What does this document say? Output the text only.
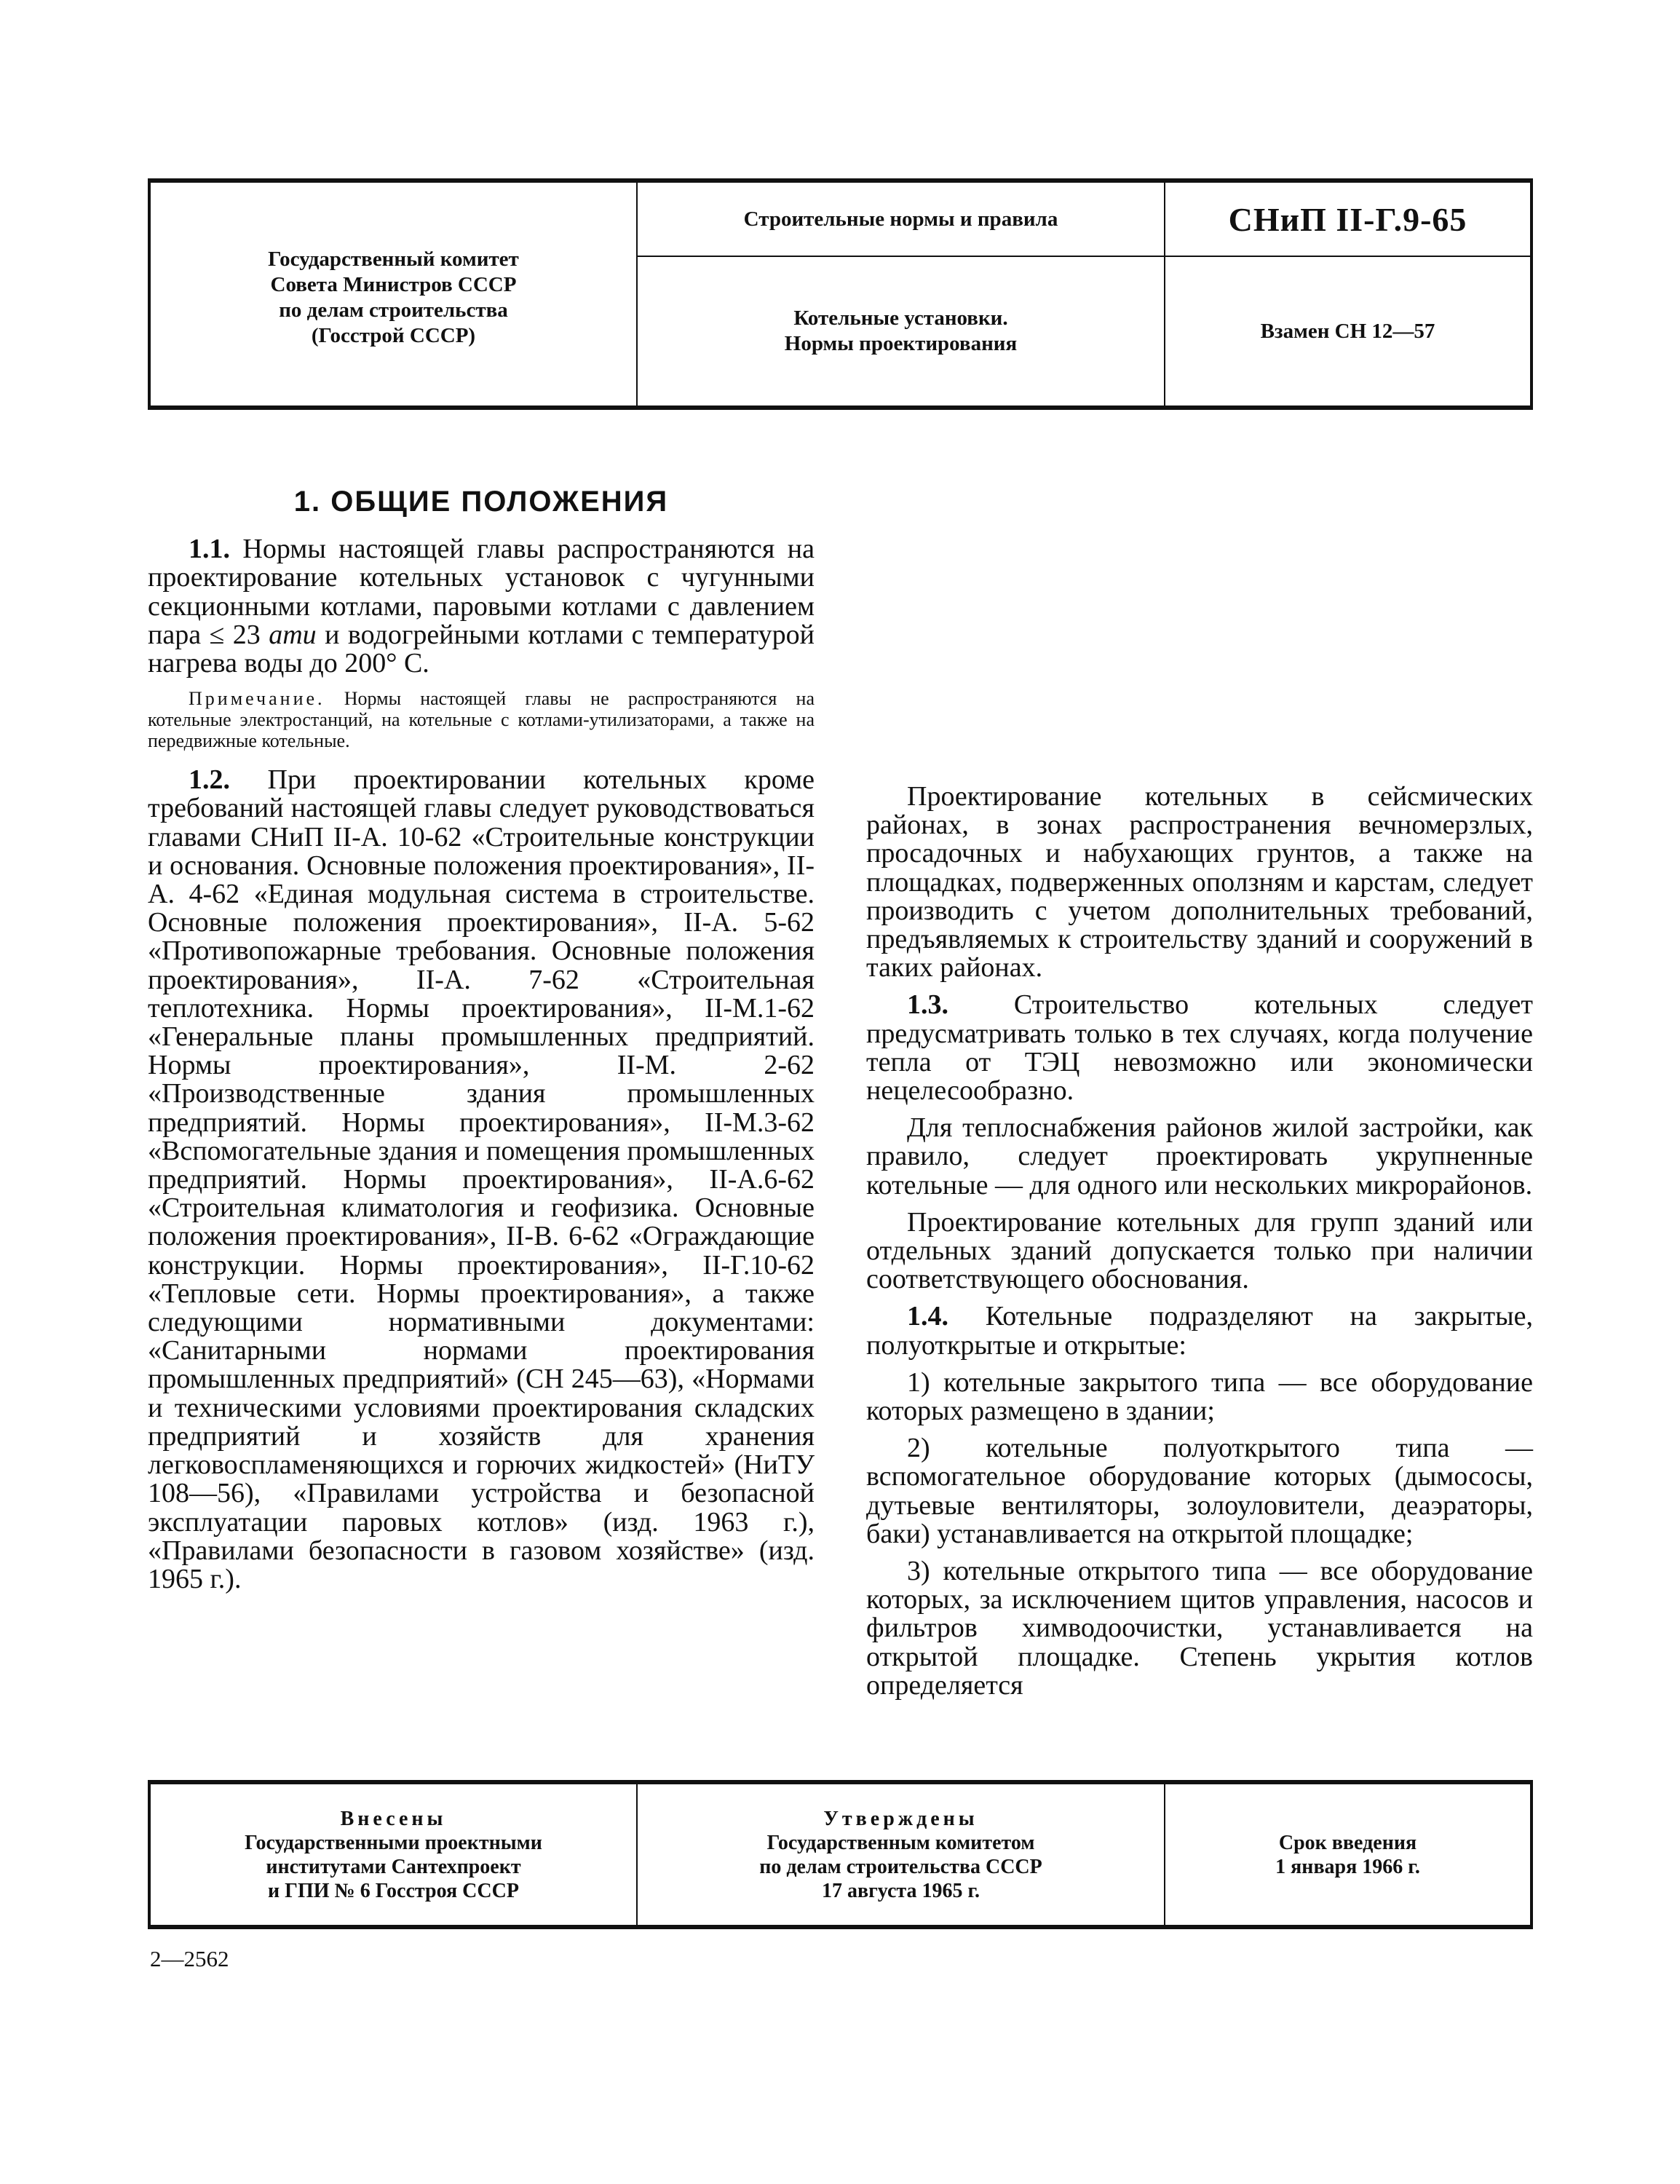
Государственный комитет
Совета Министров СССР
по делам строительства
(Госстрой СССР)
Строительные нормы и правила	СНиП II-Г.9-65
Котельные установки.
Нормы проектирования
Взамен СН 12—57
1. ОБЩИЕ ПОЛОЖЕНИЯ

1.1. Нормы настоящей главы распространяются на проектирование котельных установок с чугунными секционными котлами, паровыми котлами с давлением пара ≤ 23 ати и водогрейными котлами с температурой нагрева воды до 200° С.

Примечание. Нормы настоящей главы не распространяются на котельные электростанций, на котельные с котлами-утилизаторами, а также на передвижные котельные.

1.2. При проектировании котельных кроме требований настоящей главы следует руководствоваться главами СНиП II-А. 10-62 «Строительные конструкции и основания. Основные положения проектирования», II-А. 4-62 «Единая модульная система в строительстве. Основные положения проектирования», II-А. 5-62 «Противопожарные требования. Основные положения проектирования», II-А. 7-62 «Строительная теплотехника. Нормы проектирования», II-М.1-62 «Генеральные планы промышленных предприятий. Нормы проектирования», II-М. 2-62 «Производственные здания промышленных предприятий. Нормы проектирования», II-М.3-62 «Вспомогательные здания и помещения промышленных предприятий. Нормы проектирования», II-А.6-62 «Строительная климатология и геофизика. Основные положения проектирования», II-В. 6-62 «Ограждающие конструкции. Нормы проектирования», II-Г.10-62 «Тепловые сети. Нормы проектирования», а также следующими нормативными документами: «Санитарными нормами проектирования промышленных предприятий» (СН 245—63), «Нормами и техническими условиями проектирования складских предприятий и хозяйств для хранения легковоспламеняющихся и горючих жидкостей» (НиТУ 108—56), «Правилами устройства и безопасной эксплуатации паровых котлов» (изд. 1963 г.), «Правилами безопасности в газовом хозяйстве» (изд. 1965 г.).

Проектирование котельных в сейсмических районах, в зонах распространения вечномерзлых, просадочных и набухающих грунтов, а также на площадках, подверженных оползням и карстам, следует производить с учетом дополнительных требований, предъявляемых к строительству зданий и сооружений в таких районах.

1.3. Строительство котельных следует предусматривать только в тех случаях, когда получение тепла от ТЭЦ невозможно или экономически нецелесообразно.

Для теплоснабжения районов жилой застройки, как правило, следует проектировать укрупненные котельные — для одного или нескольких микрорайонов.

Проектирование котельных для групп зданий или отдельных зданий допускается только при наличии соответствующего обоснования.

1.4. Котельные подразделяют на закрытые, полуоткрытые и открытые:

1) котельные закрытого типа — все оборудование которых размещено в здании;

2) котельные полуоткрытого типа — вспомогательное оборудование которых (дымососы, дутьевые вентиляторы, золоуловители, деаэраторы, баки) устанавливается на открытой площадке;

3) котельные открытого типа — все оборудование которых, за исключением щитов управления, насосов и фильтров химводоочистки, устанавливается на открытой площадке. Степень укрытия котлов определяется

Внесены
Государственными проектными
институтами Сантехпроект
и ГПИ № 6 Госстроя СССР
Утверждены
Государственным комитетом
по делам строительства СССР
17 августа 1965 г.
Срок введения
1 января 1966 г.
2—2562
